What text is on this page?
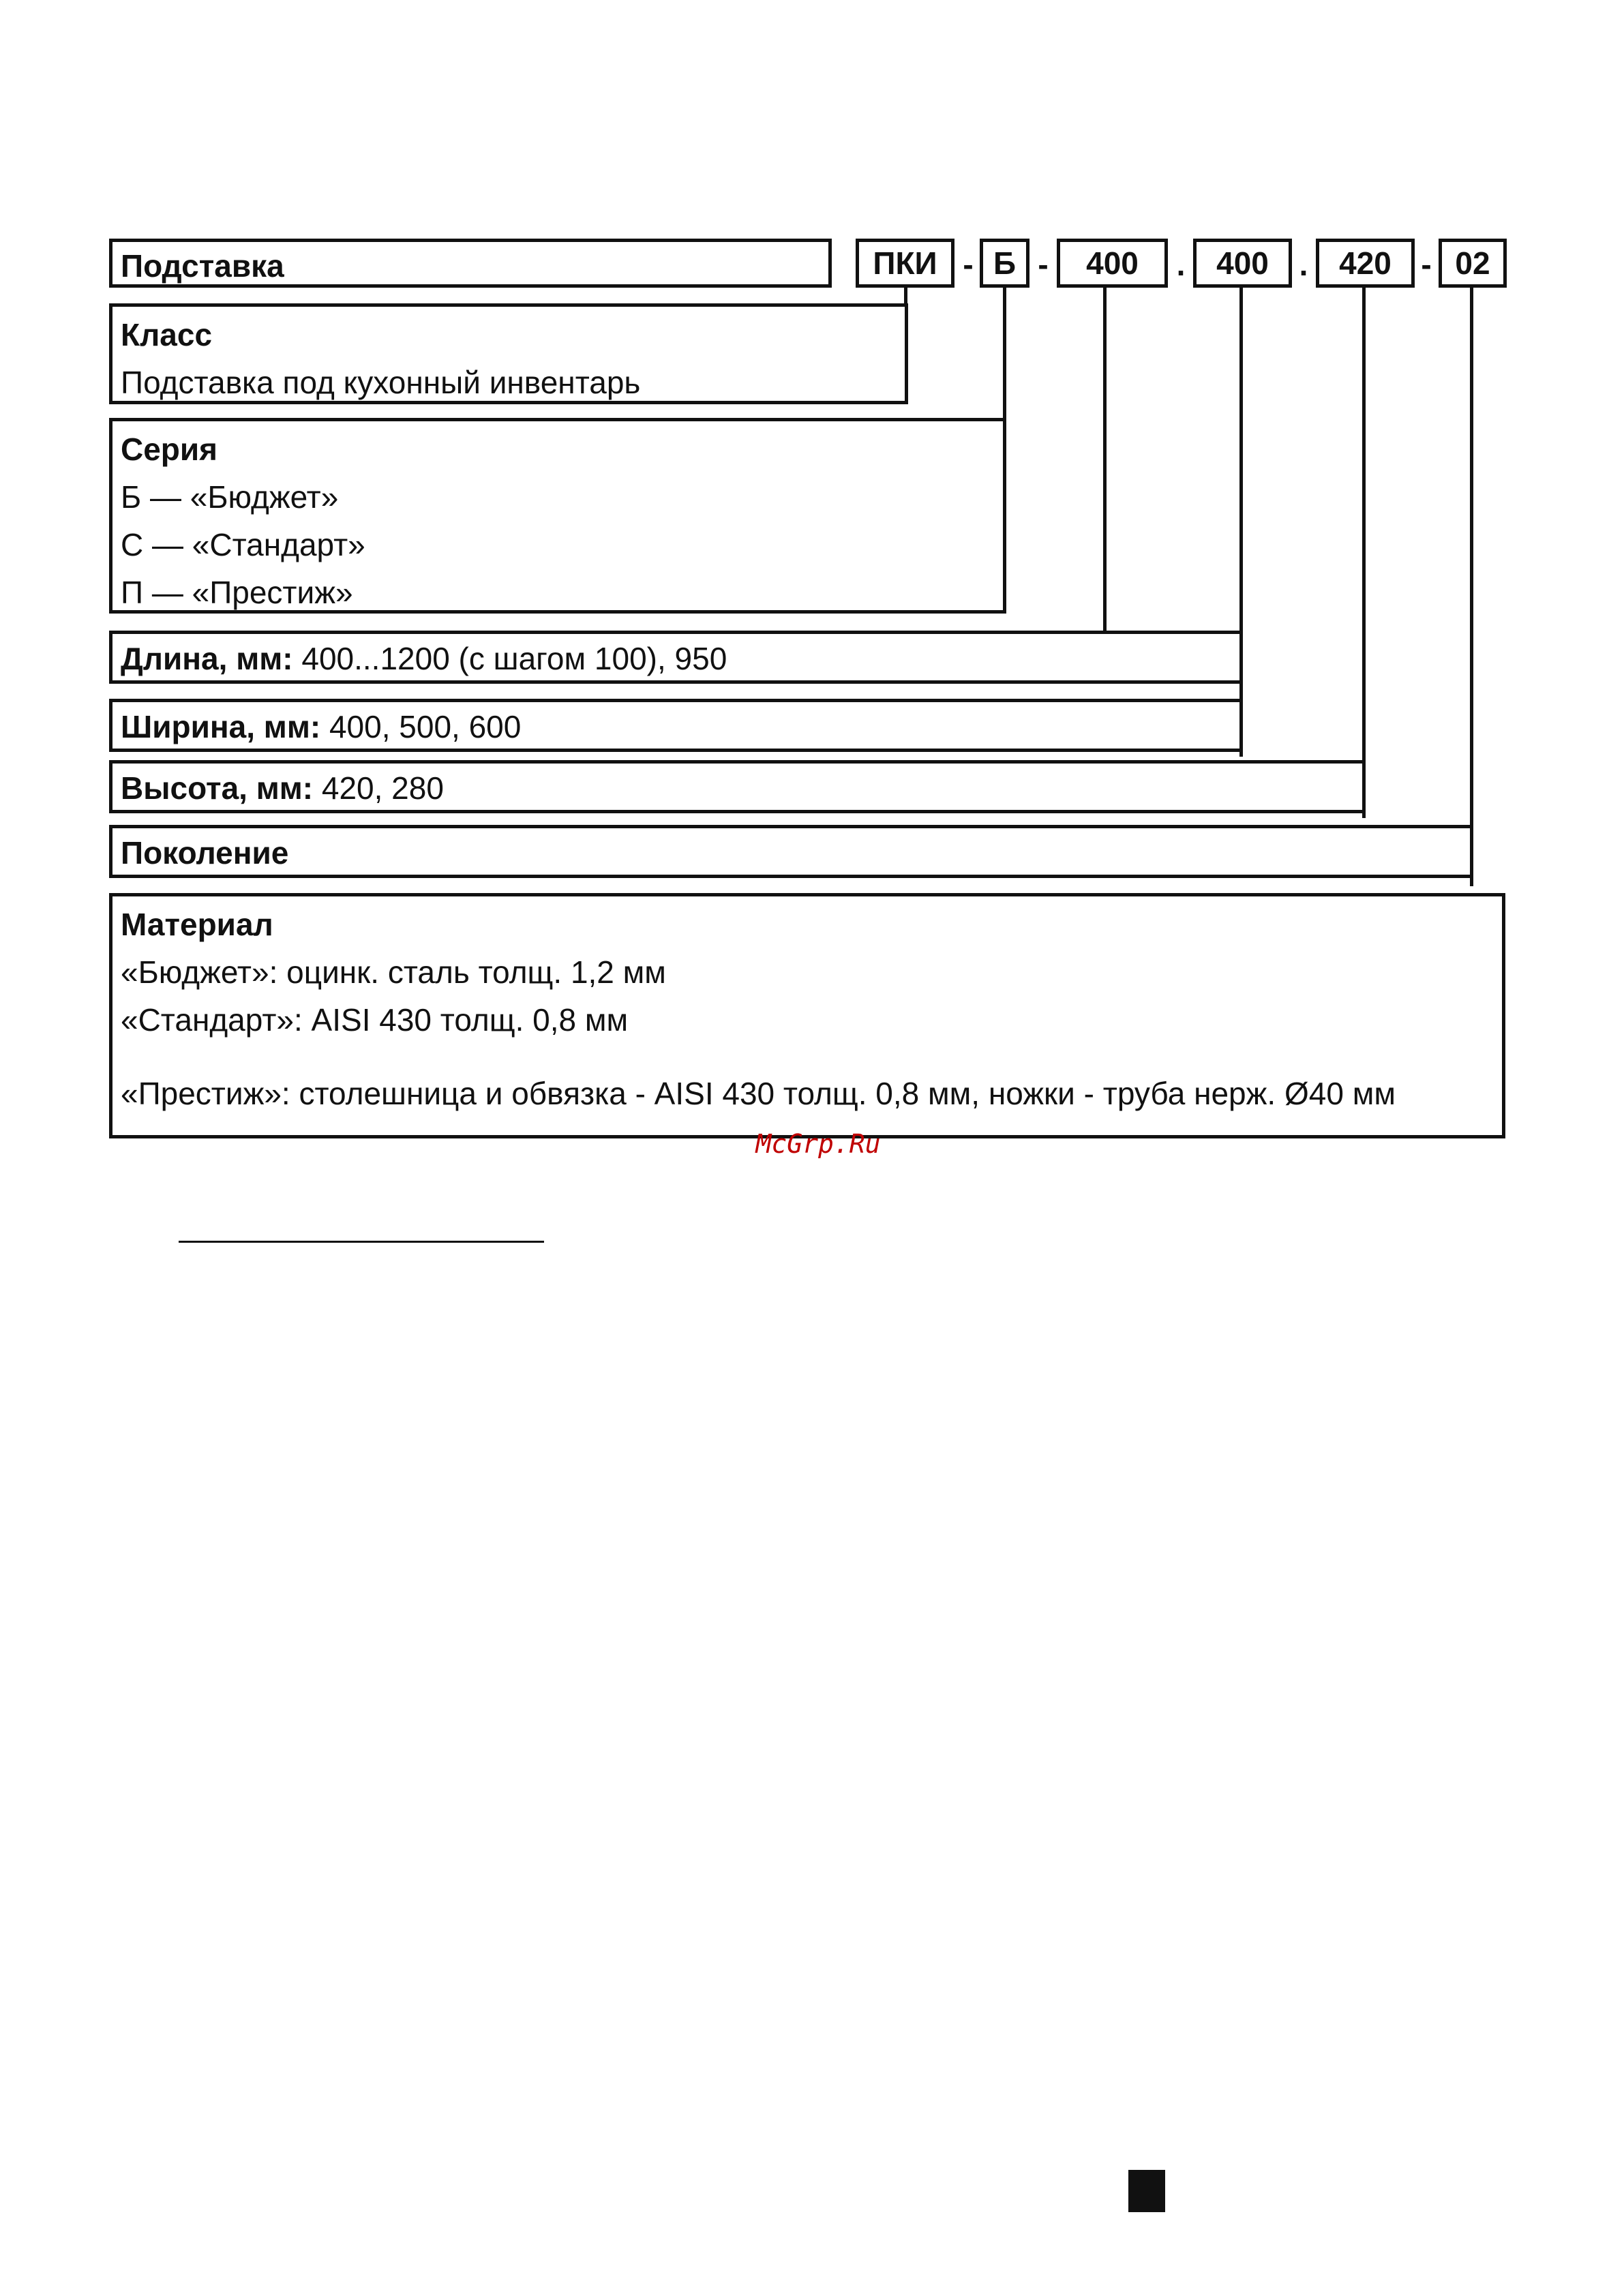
Подставка	ПКИ - Б - 400 . 400 . 420 - 02
Класс
Подставка под кухонный инвентарь
Серия
Б — «Бюджет»
С — «Стандарт»
П — «Престиж»
Длина, мм: 400...1200 (с шагом 100), 950
Ширина, мм: 400, 500, 600
Высота, мм: 420, 280
Поколение
Материал
«Бюджет»: оцинк. сталь толщ. 1,2 мм
«Стандарт»: AISI 430 толщ. 0,8 мм
«Престиж»: столешница и обвязка - AISI 430 толщ. 0,8 мм, ножки - труба нерж. Ø40 мм
McGrp.Ru
